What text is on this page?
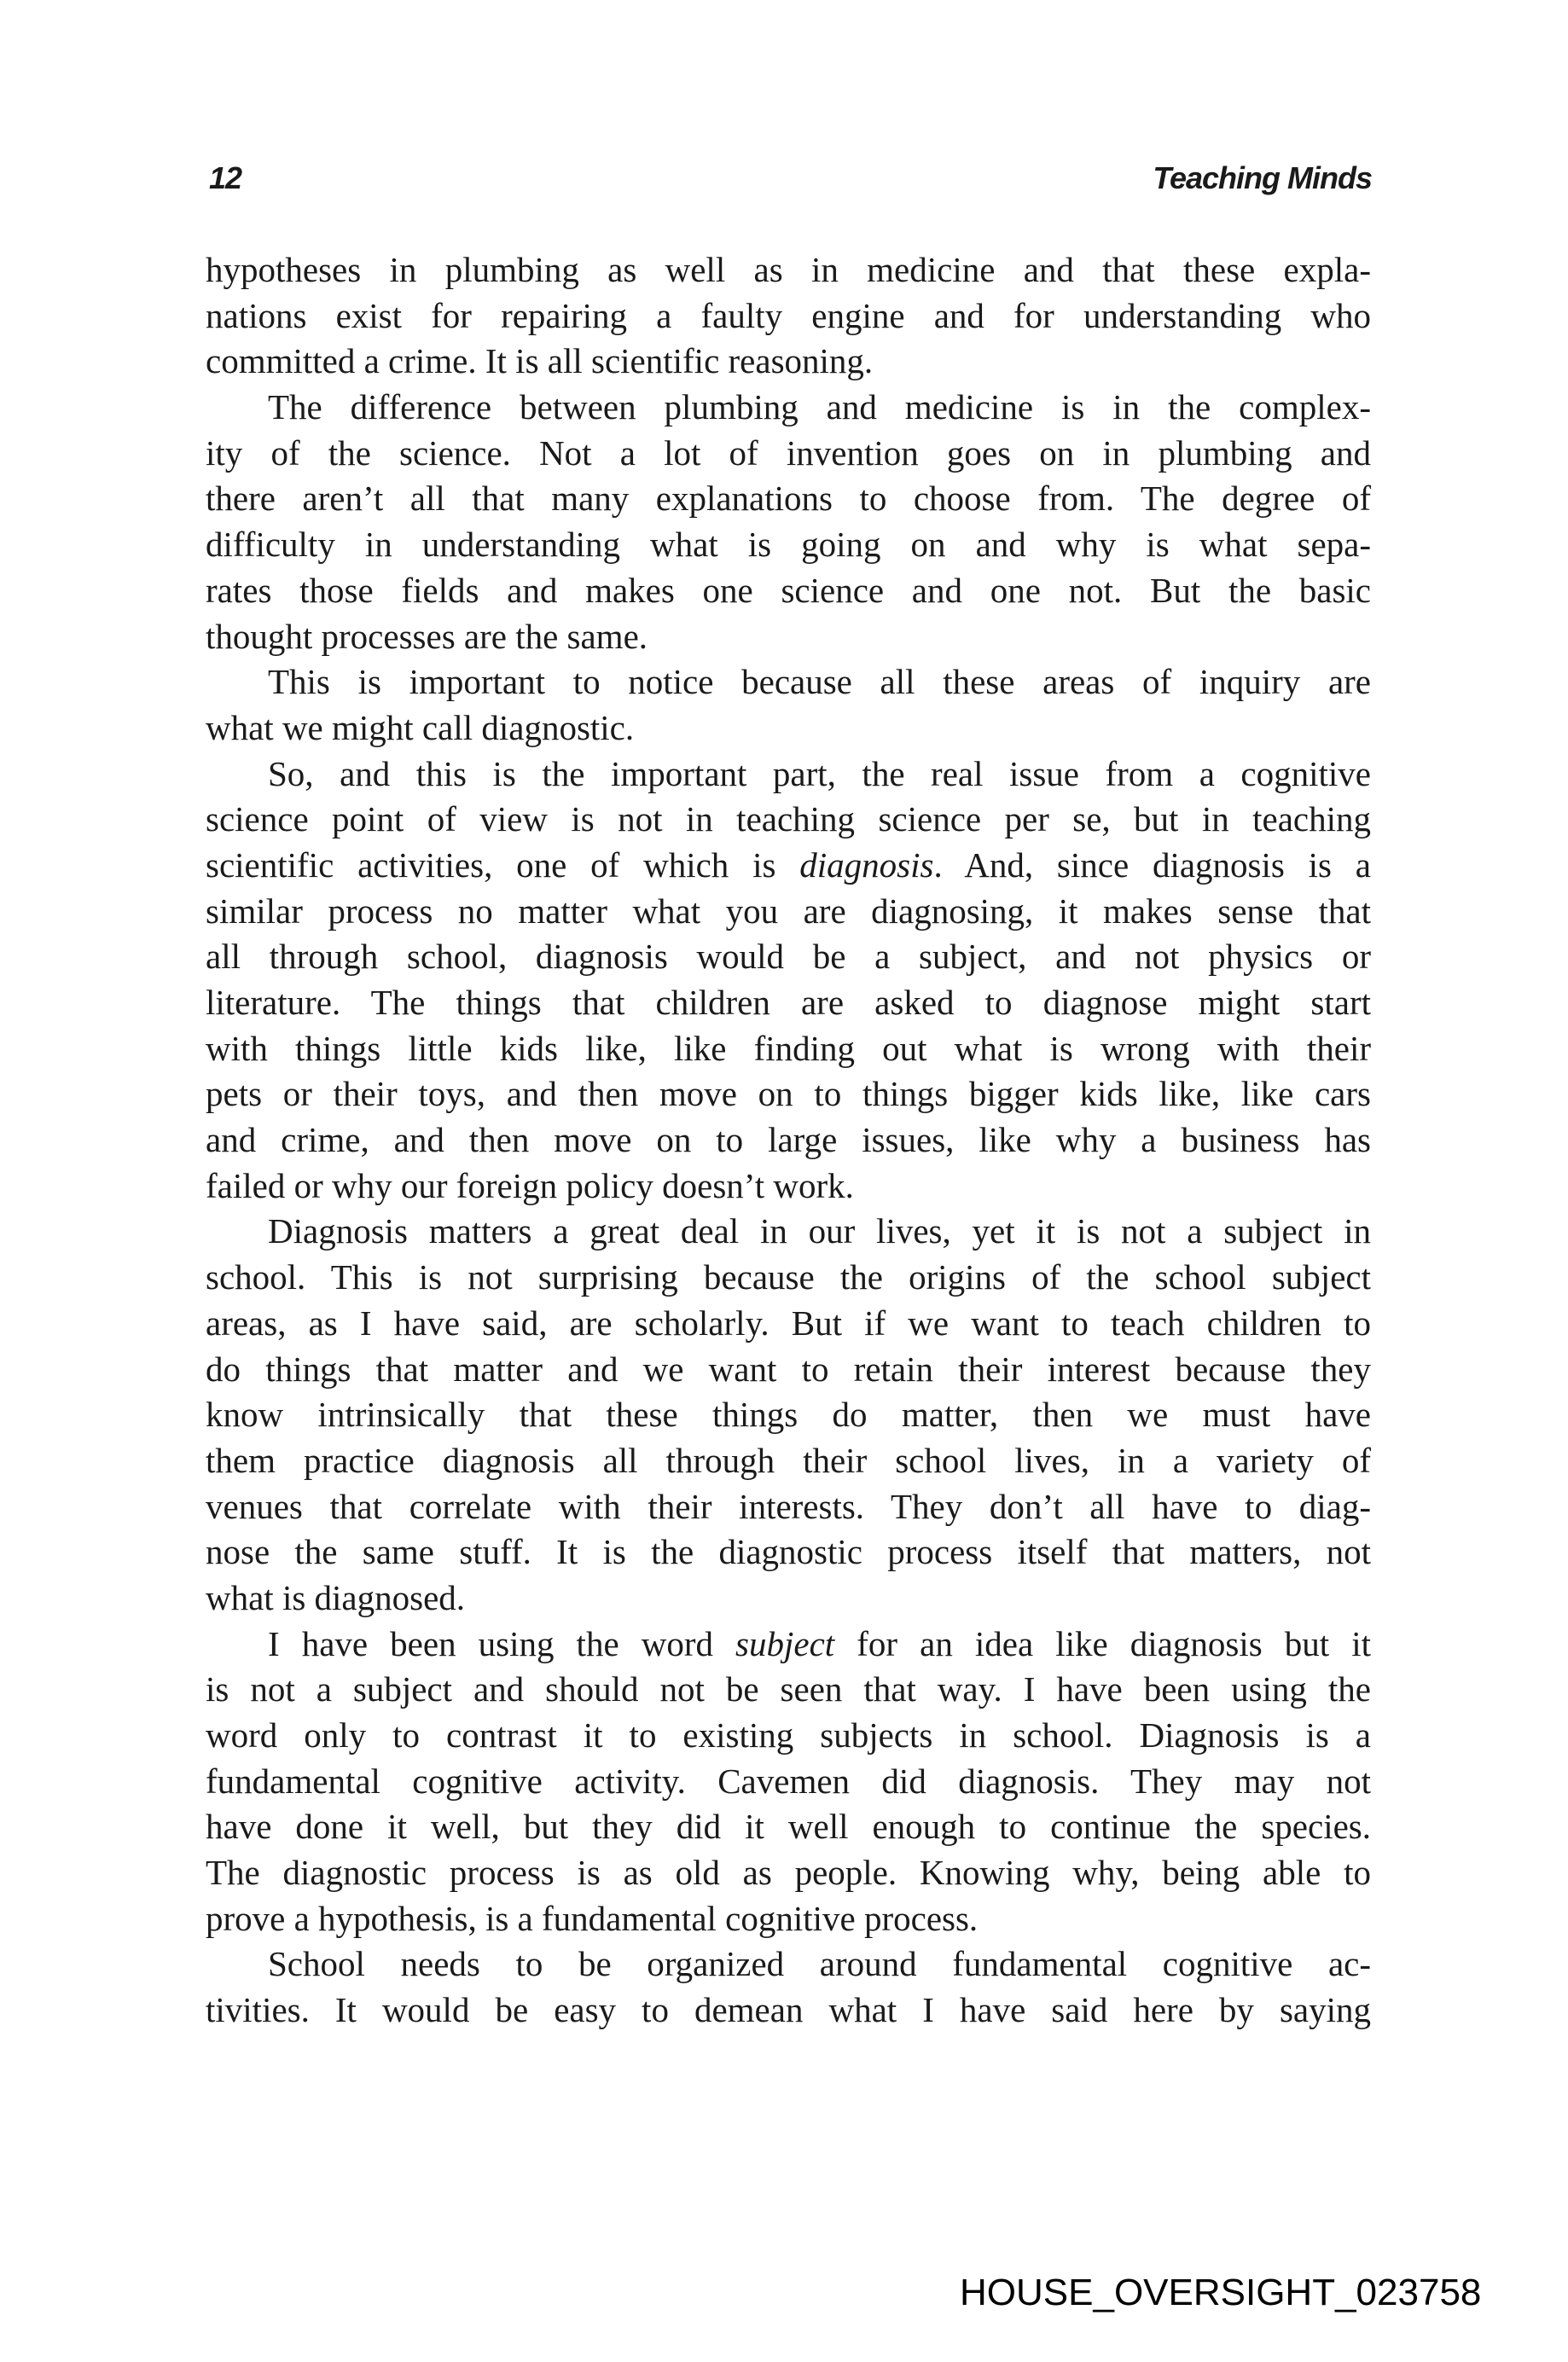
12	Teaching Minds
hypotheses in plumbing as well as in medicine and that these expla-
nations exist for repairing a faulty engine and for understanding who
committed a crime. It is all scientific reasoning.
The difference between plumbing and medicine is in the complex-
ity of the science. Not a lot of invention goes on in plumbing and
there aren’t all that many explanations to choose from. The degree of
difficulty in understanding what is going on and why is what sepa-
rates those fields and makes one science and one not. But the basic
thought processes are the same.
This is important to notice because all these areas of inquiry are
what we might call diagnostic.
So, and this is the important part, the real issue from a cognitive
science point of view is not in teaching science per se, but in teaching
scientific activities, one of which is diagnosis. And, since diagnosis is a
similar process no matter what you are diagnosing, it makes sense that
all through school, diagnosis would be a subject, and not physics or
literature. The things that children are asked to diagnose might start
with things little kids like, like finding out what is wrong with their
pets or their toys, and then move on to things bigger kids like, like cars
and crime, and then move on to large issues, like why a business has
failed or why our foreign policy doesn’t work.
Diagnosis matters a great deal in our lives, yet it is not a subject in
school. This is not surprising because the origins of the school subject
areas, as I have said, are scholarly. But if we want to teach children to
do things that matter and we want to retain their interest because they
know intrinsically that these things do matter, then we must have
them practice diagnosis all through their school lives, in a variety of
venues that correlate with their interests. They don’t all have to diag-
nose the same stuff. It is the diagnostic process itself that matters, not
what is diagnosed.
I have been using the word subject for an idea like diagnosis but it
is not a subject and should not be seen that way. I have been using the
word only to contrast it to existing subjects in school. Diagnosis is a
fundamental cognitive activity. Cavemen did diagnosis. They may not
have done it well, but they did it well enough to continue the species.
The diagnostic process is as old as people. Knowing why, being able to
prove a hypothesis, is a fundamental cognitive process.
School needs to be organized around fundamental cognitive ac-
tivities. It would be easy to demean what I have said here by saying
HOUSE_OVERSIGHT_023758
